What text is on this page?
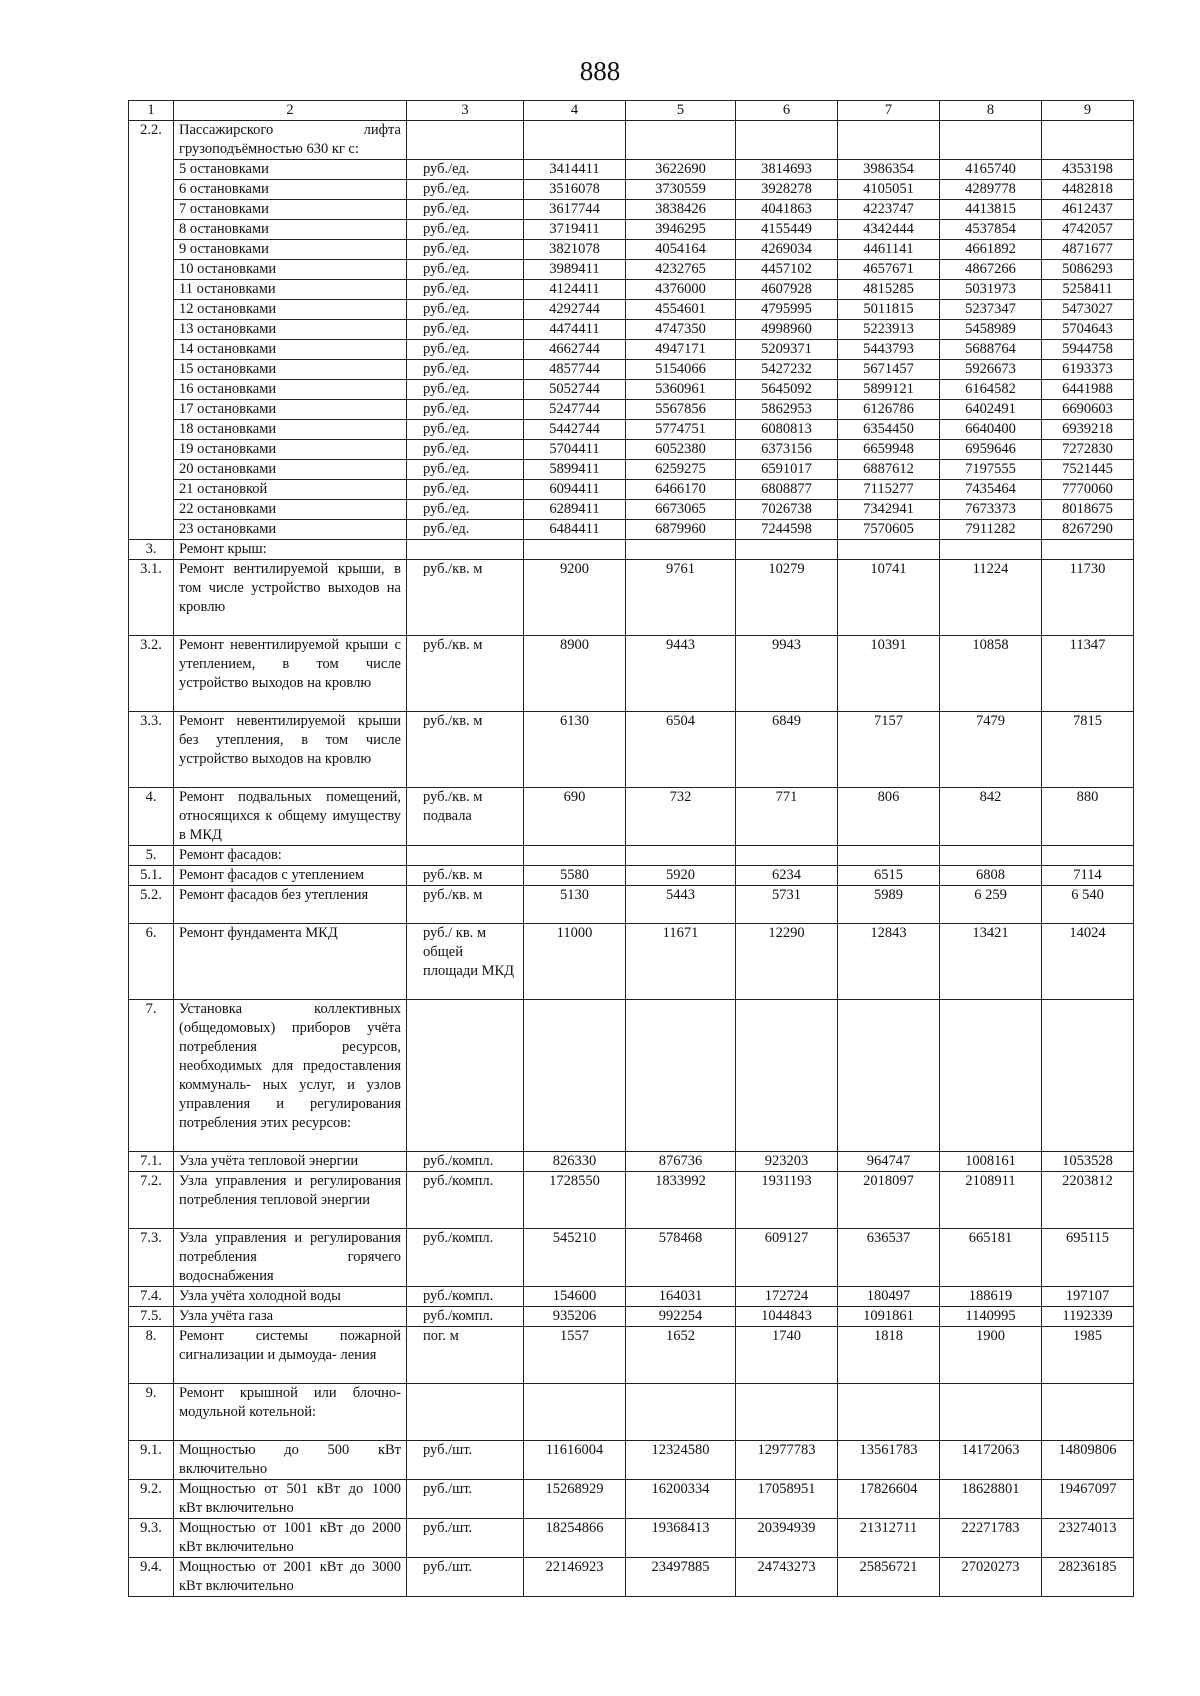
888
1	2	3	4	5	6	7	8	9
2.2.	Пассажирского лифта грузоподъёмностью 630 кг с:							
	5 остановками	руб./ед.	3414411	3622690	3814693	3986354	4165740	4353198
	6 остановками	руб./ед.	3516078	3730559	3928278	4105051	4289778	4482818
	7 остановками	руб./ед.	3617744	3838426	4041863	4223747	4413815	4612437
	8 остановками	руб./ед.	3719411	3946295	4155449	4342444	4537854	4742057
	9 остановками	руб./ед.	3821078	4054164	4269034	4461141	4661892	4871677
	10 остановками	руб./ед.	3989411	4232765	4457102	4657671	4867266	5086293
	11 остановками	руб./ед.	4124411	4376000	4607928	4815285	5031973	5258411
	12 остановками	руб./ед.	4292744	4554601	4795995	5011815	5237347	5473027
	13 остановками	руб./ед.	4474411	4747350	4998960	5223913	5458989	5704643
	14 остановками	руб./ед.	4662744	4947171	5209371	5443793	5688764	5944758
	15 остановками	руб./ед.	4857744	5154066	5427232	5671457	5926673	6193373
	16 остановками	руб./ед.	5052744	5360961	5645092	5899121	6164582	6441988
	17 остановками	руб./ед.	5247744	5567856	5862953	6126786	6402491	6690603
	18 остановками	руб./ед.	5442744	5774751	6080813	6354450	6640400	6939218
	19 остановками	руб./ед.	5704411	6052380	6373156	6659948	6959646	7272830
	20 остановками	руб./ед.	5899411	6259275	6591017	6887612	7197555	7521445
	21 остановкой	руб./ед.	6094411	6466170	6808877	7115277	7435464	7770060
	22 остановками	руб./ед.	6289411	6673065	7026738	7342941	7673373	8018675
	23 остановками	руб./ед.	6484411	6879960	7244598	7570605	7911282	8267290
3.	Ремонт крыш:							
3.1.	Ремонт вентилируемой крыши, в том числе устройство выходов на кровлю	руб./кв. м	9200	9761	10279	10741	11224	11730
3.2.	Ремонт невентилируемой крыши с утеплением, в том числе устройство выходов на кровлю	руб./кв. м	8900	9443	9943	10391	10858	11347
3.3.	Ремонт невентилируемой крыши без утепления, в том числе устройство выходов на кровлю	руб./кв. м	6130	6504	6849	7157	7479	7815
4.	Ремонт подвальных помещений, относящихся к общему имуществу в МКД	руб./кв. м подвала	690	732	771	806	842	880
5.	Ремонт фасадов:							
5.1.	Ремонт фасадов с утеплением	руб./кв. м	5580	5920	6234	6515	6808	7114
5.2.	Ремонт фасадов без утепления	руб./кв. м	5130	5443	5731	5989	6 259	6 540
6.	Ремонт фундамента МКД	руб./ кв. м общей площади МКД	11000	11671	12290	12843	13421	14024
7.	Установка коллективных (общедомовых) приборов учёта потребления ресурсов, необходимых для предоставления коммуналь- ных услуг, и узлов управления и регулирования потребления этих ресурсов:							
7.1.	Узла учёта тепловой энергии	руб./компл.	826330	876736	923203	964747	1008161	1053528
7.2.	Узла управления и регулирования потребления тепловой энергии	руб./компл.	1728550	1833992	1931193	2018097	2108911	2203812
7.3.	Узла управления и регулирования потребления горячего водоснабжения	руб./компл.	545210	578468	609127	636537	665181	695115
7.4.	Узла учёта холодной воды	руб./компл.	154600	164031	172724	180497	188619	197107
7.5.	Узла учёта газа	руб./компл.	935206	992254	1044843	1091861	1140995	1192339
8.	Ремонт системы пожарной сигнализации и дымоуда- ления	пог. м	1557	1652	1740	1818	1900	1985
9.	Ремонт крышной или блочно-модульной котельной:							
9.1.	Мощностью до 500 кВт включительно	руб./шт.	11616004	12324580	12977783	13561783	14172063	14809806
9.2.	Мощностью от 501 кВт до 1000 кВт включительно	руб./шт.	15268929	16200334	17058951	17826604	18628801	19467097
9.3.	Мощностью от 1001 кВт до 2000 кВт включительно	руб./шт.	18254866	19368413	20394939	21312711	22271783	23274013
9.4.	Мощностью от 2001 кВт до 3000 кВт включительно	руб./шт.	22146923	23497885	24743273	25856721	27020273	28236185
